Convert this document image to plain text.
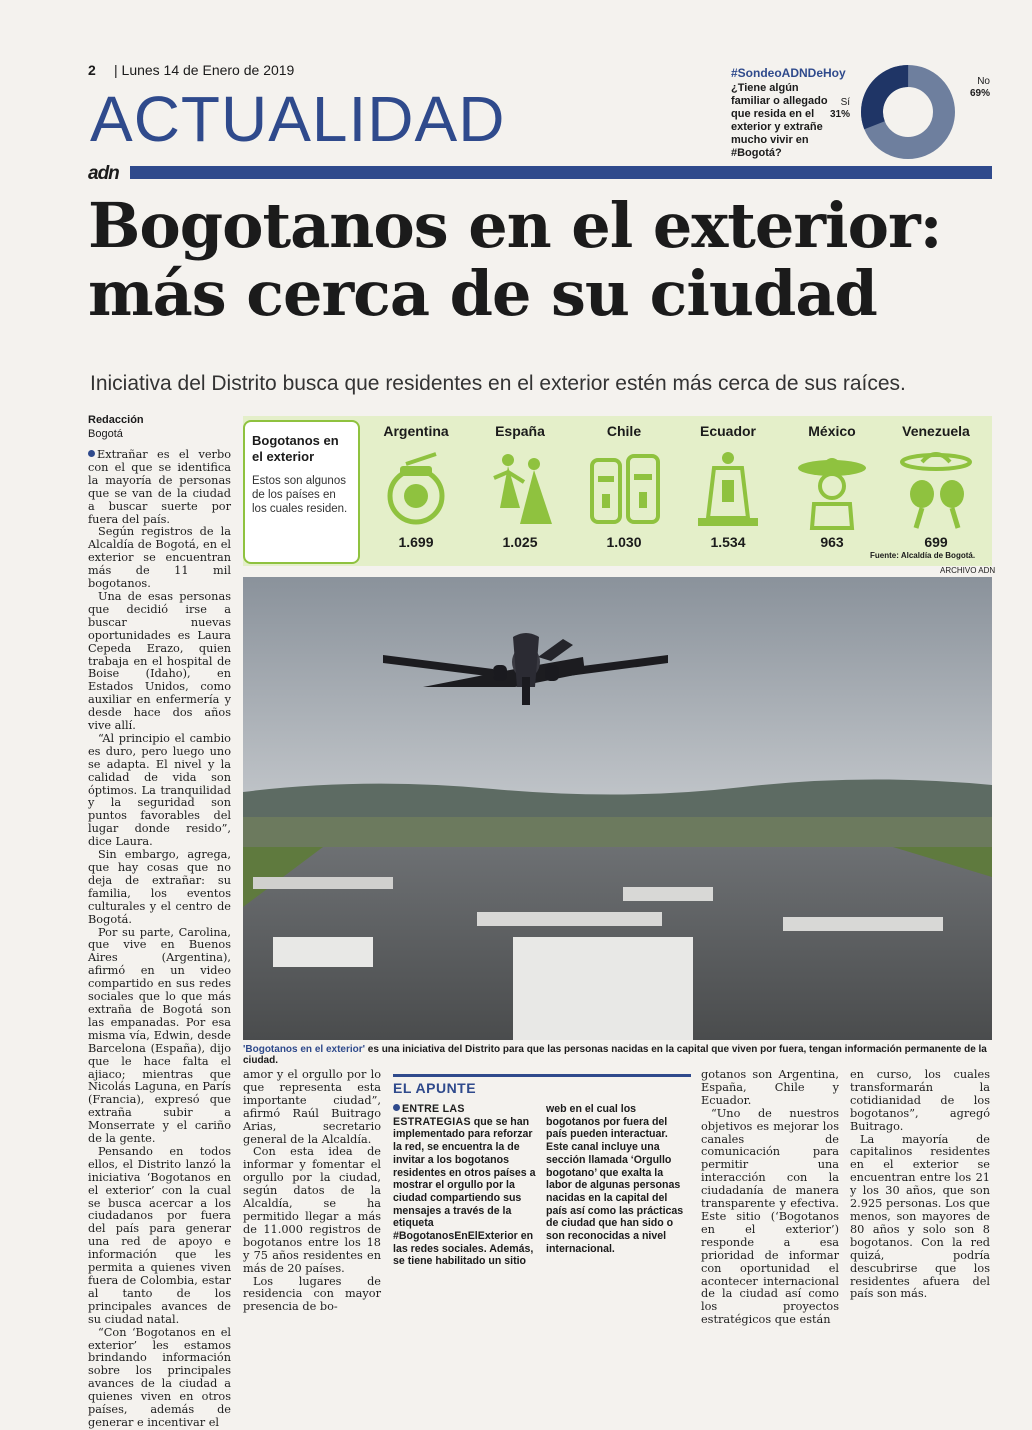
2 | Lunes 14 de Enero de 2019
ACTUALIDAD
adn
#SondeoADNDeHoy
¿Tiene algún familiar o allegado que resida en el exterior y extrañe mucho vivir en #Bogotá?
Sí
31%
No
69%
Bogotanos en el exterior:
más cerca de su ciudad
Iniciativa del Distrito busca que residentes en el exterior estén más cerca de sus raíces.
Redacción
Bogotá

Extrañar es el verbo con el que se identifica la mayoría de personas que se van de la ciudad a buscar suerte por fuera del país.

Según registros de la Alcaldía de Bogotá, en el exterior se encuentran más de 11 mil bogotanos.

Una de esas personas que decidió irse a buscar nuevas oportunidades es Laura Cepeda Erazo, quien trabaja en el hospital de Boise (Idaho), en Estados Unidos, como auxiliar en enfermería y desde hace dos años vive allí.

“Al principio el cambio es duro, pero luego uno se adapta. El nivel y la calidad de vida son óptimos. La tranquilidad y la seguridad son puntos favorables del lugar donde resido”, dice Laura.

Sin embargo, agrega, que hay cosas que no deja de extrañar: su familia, los eventos culturales y el centro de Bogotá.

Por su parte, Carolina, que vive en Buenos Aires (Argentina), afirmó en un video compartido en sus redes sociales que lo que más extraña de Bogotá son las empanadas. Por esa misma vía, Edwin, desde Barcelona (España), dijo que le hace falta el ajiaco; mientras que Nicolás Laguna, en París (Francia), expresó que extraña subir a Monserrate y el cariño de la gente.

Pensando en todos ellos, el Distrito lanzó la iniciativa ‘Bogotanos en el exterior’ con la cual se busca acercar a los ciudadanos por fuera del país para generar una red de apoyo e información que les permita a quienes viven fuera de Colombia, estar al tanto de los principales avances de su ciudad natal.

“Con ‘Bogotanos en el exterior’ les estamos brindando información sobre los principales avances de la ciudad a quienes viven en otros países, además de generar e incentivar el

Bogotanos en el exterior
Estos son algunos de los países en los cuales residen.
Argentina
1.699
España
1.025
Chile
1.030
Ecuador
1.534
México
963
Venezuela
699
Fuente: Alcaldía de Bogotá.
ARCHIVO ADN
'Bogotanos en el exterior' es una iniciativa del Distrito para que las personas nacidas en la capital que viven por fuera, tengan información permanente de la ciudad.

amor y el orgullo por lo que representa esta importante ciudad”, afirmó Raúl Buitrago Arias, secretario general de la Alcaldía.

Con esta idea de informar y fomentar el orgullo por la ciudad, según datos de la Alcaldía, se ha permitido llegar a más de 11.000 registros de bogotanos entre los 18 y 75 años residentes en más de 20 países.

Los lugares de residencia con mayor presencia de bo-

EL APUNTE
ENTRE LAS ESTRATEGIAS que se han implementado para reforzar la red, se encuentra la de invitar a los bogotanos residentes en otros países a mostrar el orgullo por la ciudad compartiendo sus mensajes a través de la etiqueta #BogotanosEnElExterior en las redes sociales. Además, se tiene habilitado un sitio
web en el cual los bogotanos por fuera del país pueden interactuar. Este canal incluye una sección llamada ‘Orgullo bogotano’ que exalta la labor de algunas personas nacidas en la capital del país así como las prácticas de ciudad que han sido o son reconocidas a nivel internacional.

gotanos son Argentina, España, Chile y Ecuador.

“Uno de nuestros objetivos es mejorar los canales de comunicación para permitir una interacción con la ciudadanía de manera transparente y efectiva. Este sitio (‘Bogotanos en el exterior’) responde a esa prioridad de informar con oportunidad el acontecer internacional de la ciudad así como los proyectos estratégicos que están

en curso, los cuales transformarán la cotidianidad de los bogotanos”, agregó Buitrago.

La mayoría de capitalinos residentes en el exterior se encuentran entre los 21 y los 30 años, que son 2.925 personas. Los que menos, son mayores de 80 años y solo son 8 bogotanos. Con la red quizá, podría descubrirse que los residentes afuera del país son más.
